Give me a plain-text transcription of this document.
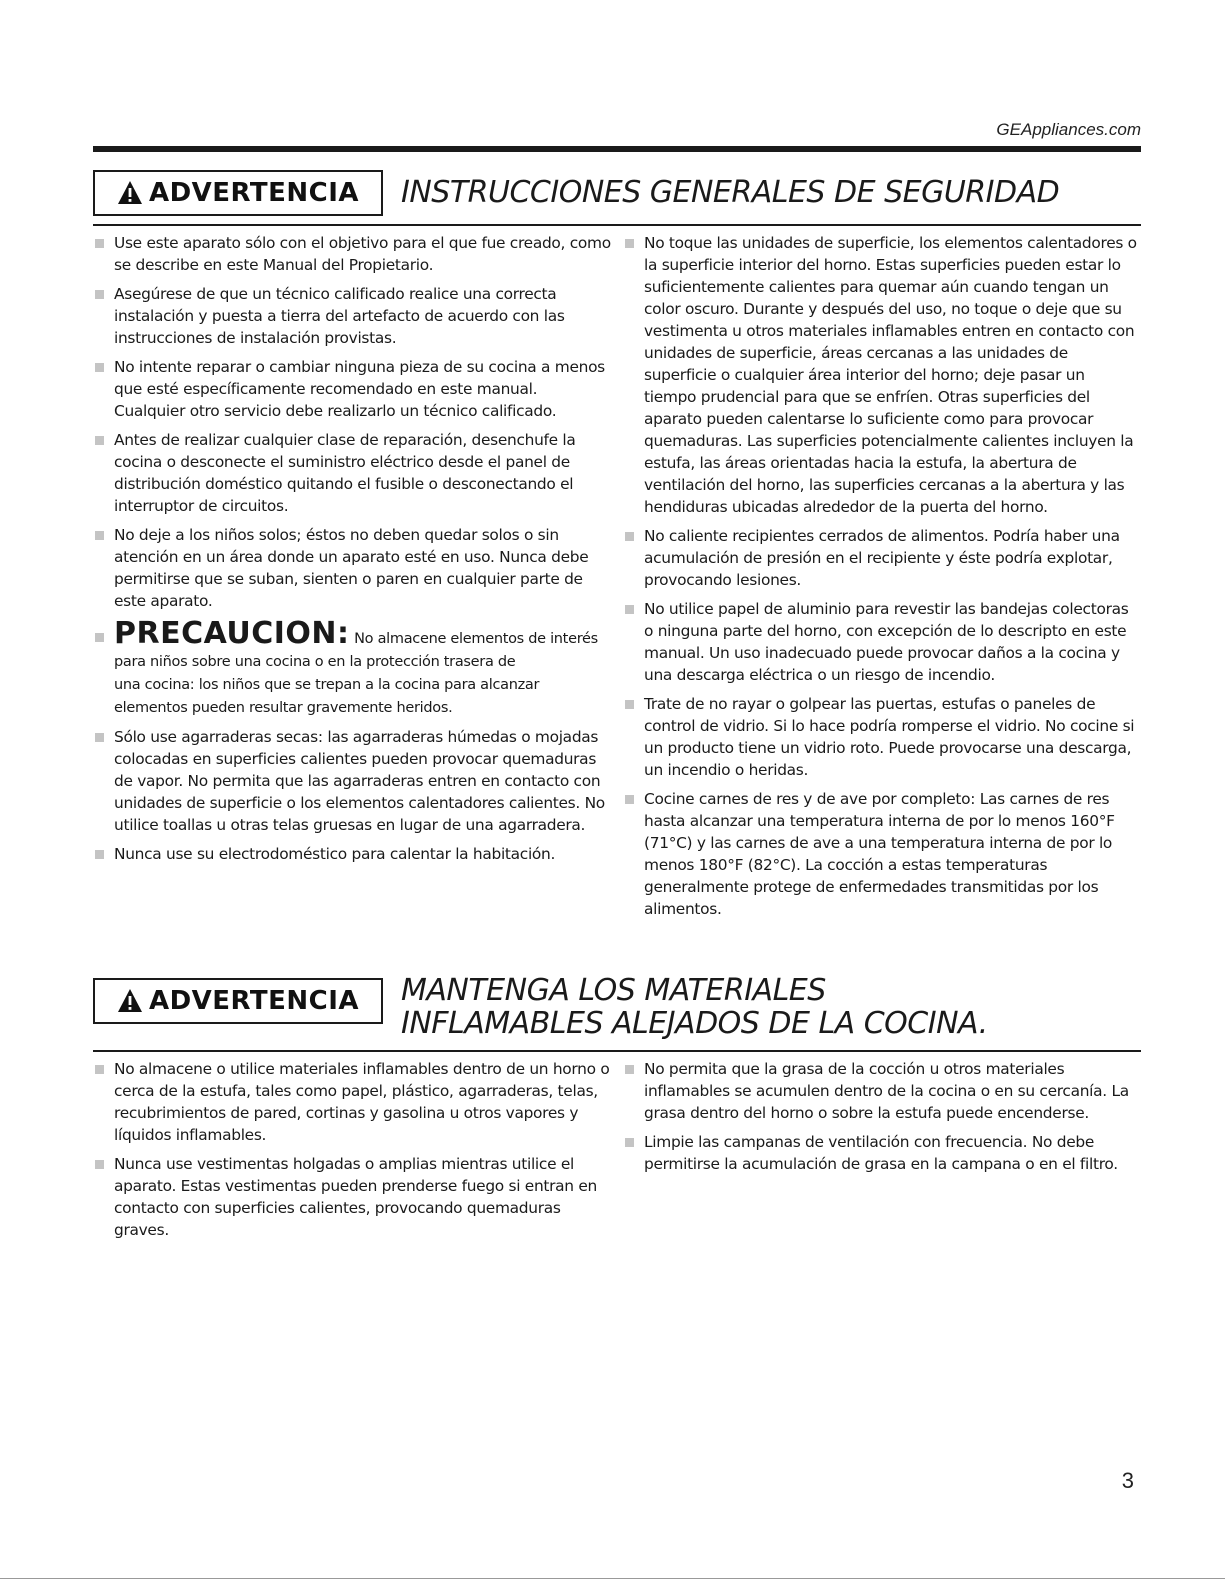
GEAppliances.com
ADVERTENCIA INSTRUCCIONES GENERALES DE SEGURIDAD
Use este aparato sólo con el objetivo para el que fue creado, como se describe en este Manual del Propietario.
Asegúrese de que un técnico calificado realice una correcta instalación y puesta a tierra del artefacto de acuerdo con las instrucciones de instalación provistas.
No intente reparar o cambiar ninguna pieza de su cocina a menos que esté específicamente recomendado en este manual. Cualquier otro servicio debe realizarlo un técnico calificado.
Antes de realizar cualquier clase de reparación, desenchufe la cocina o desconecte el suministro eléctrico desde el panel de distribución doméstico quitando el fusible o desconectando el interruptor de circuitos.
No deje a los niños solos; éstos no deben quedar solos o sin atención en un área donde un aparato esté en uso. Nunca debe permitirse que se suban, sienten o paren en cualquier parte de este aparato.
PRECAUCION: No almacene elementos de interés
para niños sobre una cocina o en la protección trasera de
una cocina: los niños que se trepan a la cocina para alcanzar
elementos pueden resultar gravemente heridos.
Sólo use agarraderas secas: las agarraderas húmedas o mojadas colocadas en superficies calientes pueden provocar quemaduras de vapor. No permita que las agarraderas entren en contacto con unidades de superficie o los elementos calentadores calientes. No utilice toallas u otras telas gruesas en lugar de una agarradera.
Nunca use su electrodoméstico para calentar la habitación.
No toque las unidades de superficie, los elementos calentadores o la superficie interior del horno. Estas superficies pueden estar lo suficientemente calientes para quemar aún cuando tengan un color oscuro. Durante y después del uso, no toque o deje que su vestimenta u otros materiales inflamables entren en contacto con unidades de superficie, áreas cercanas a las unidades de superficie o cualquier área interior del horno; deje pasar un tiempo prudencial para que se enfríen. Otras superficies del aparato pueden calentarse lo suficiente como para provocar quemaduras. Las superficies potencialmente calientes incluyen la estufa, las áreas orientadas hacia la estufa, la abertura de ventilación del horno, las superficies cercanas a la abertura y las hendiduras ubicadas alrededor de la puerta del horno.
No caliente recipientes cerrados de alimentos. Podría haber una acumulación de presión en el recipiente y éste podría explotar, provocando lesiones.
No utilice papel de aluminio para revestir las bandejas colectoras o ninguna parte del horno, con excepción de lo descripto en este manual. Un uso inadecuado puede provocar daños a la cocina y una descarga eléctrica o un riesgo de incendio.
Trate de no rayar o golpear las puertas, estufas o paneles de control de vidrio. Si lo hace podría romperse el vidrio. No cocine si un producto tiene un vidrio roto. Puede provocarse una descarga, un incendio o heridas.
Cocine carnes de res y de ave por completo: Las carnes de res hasta alcanzar una temperatura interna de por lo menos 160°F (71°C) y las carnes de ave a una temperatura interna de por lo menos 180°F (82°C). La cocción a estas temperaturas generalmente protege de enfermedades transmitidas por los alimentos.
ADVERTENCIA MANTENGA LOS MATERIALES
INFLAMABLES ALEJADOS DE LA COCINA.
No almacene o utilice materiales inflamables dentro de un horno o cerca de la estufa, tales como papel, plástico, agarraderas, telas, recubrimientos de pared, cortinas y gasolina u otros vapores y líquidos inflamables.
Nunca use vestimentas holgadas o amplias mientras utilice el aparato. Estas vestimentas pueden prenderse fuego si entran en contacto con superficies calientes, provocando quemaduras graves.
No permita que la grasa de la cocción u otros materiales inflamables se acumulen dentro de la cocina o en su cercanía. La grasa dentro del horno o sobre la estufa puede encenderse.
Limpie las campanas de ventilación con frecuencia. No debe permitirse la acumulación de grasa en la campana o en el filtro.
3
